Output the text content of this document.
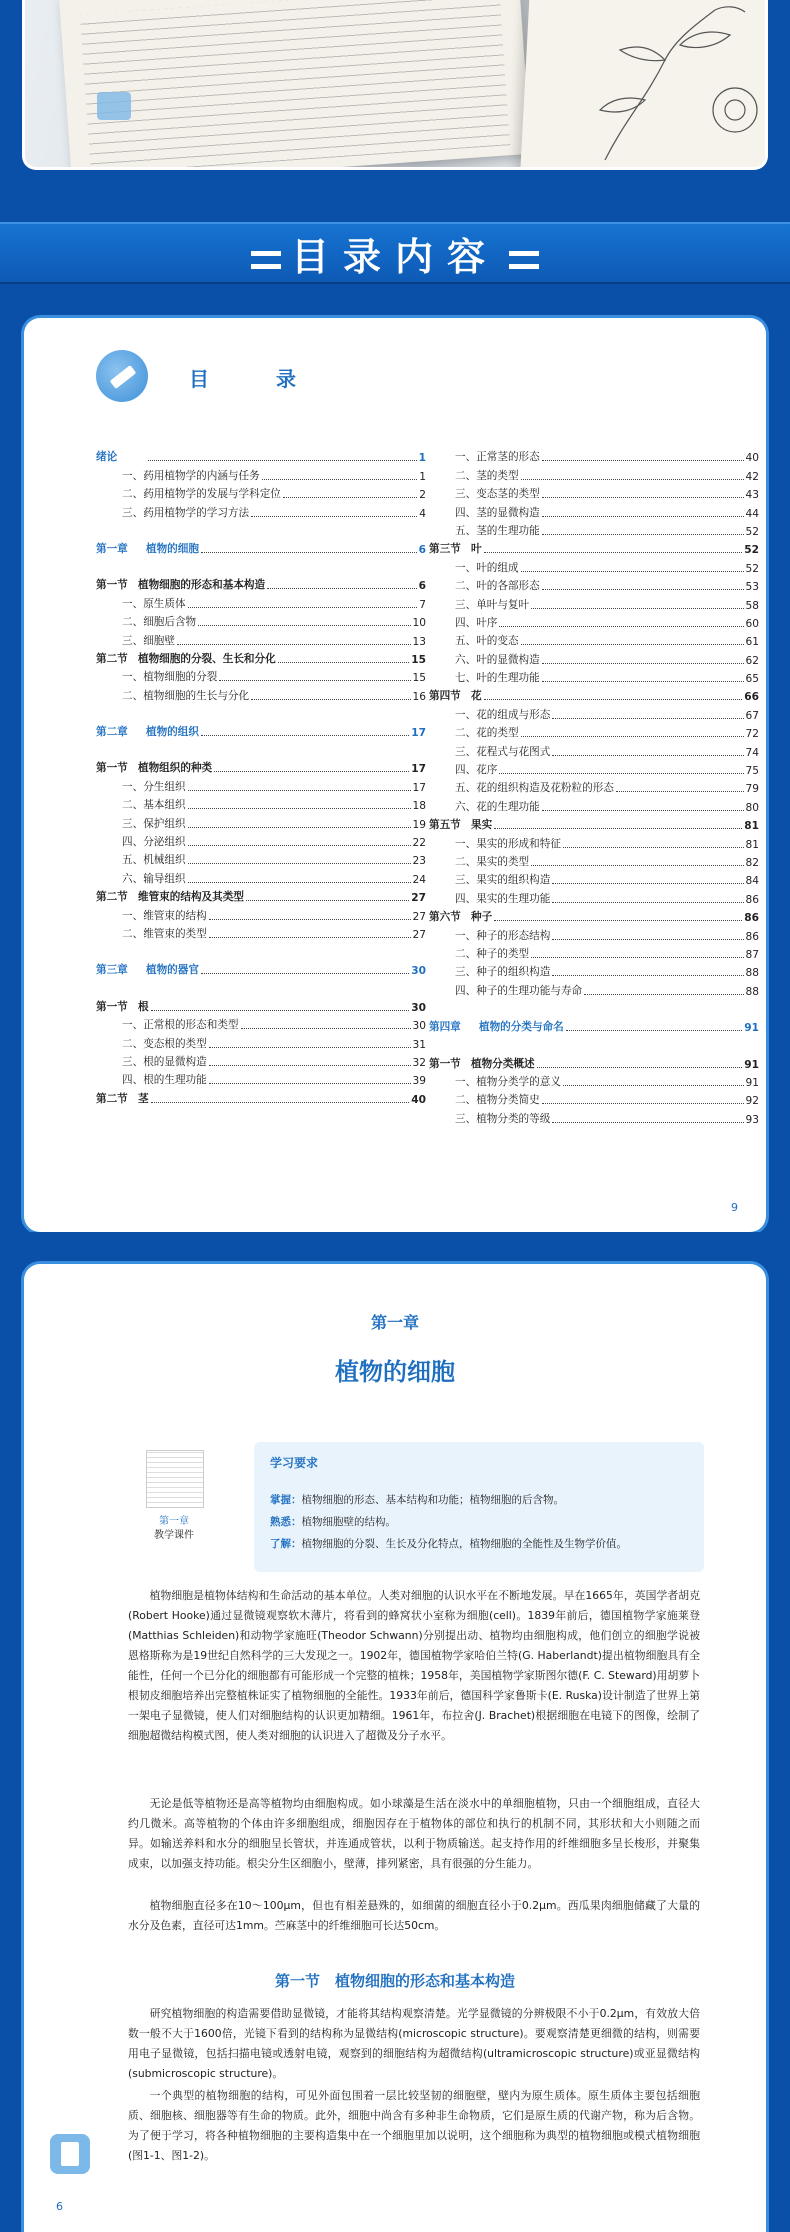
目录内容
目 录
绪论	1
一、药用植物学的内涵与任务	1
二、药用植物学的发展与学科定位	2
三、药用植物学的学习方法	4
第一章 植物的细胞	6
第一节 植物细胞的形态和基本构造	6
一、原生质体	7
二、细胞后含物	10
三、细胞壁	13
第二节 植物细胞的分裂、生长和分化	15
一、植物细胞的分裂	15
二、植物细胞的生长与分化	16
第二章 植物的组织	17
第一节 植物组织的种类	17
一、分生组织	17
二、基本组织	18
三、保护组织	19
四、分泌组织	22
五、机械组织	23
六、输导组织	24
第二节 维管束的结构及其类型	27
一、维管束的结构	27
二、维管束的类型	27
第三章 植物的器官	30
第一节 根	30
一、正常根的形态和类型	30
二、变态根的类型	31
三、根的显微构造	32
四、根的生理功能	39
第二节 茎	40
一、正常茎的形态	40
二、茎的类型	42
三、变态茎的类型	43
四、茎的显微构造	44
五、茎的生理功能	52
第三节 叶	52
一、叶的组成	52
二、叶的各部形态	53
三、单叶与复叶	58
四、叶序	60
五、叶的变态	61
六、叶的显微构造	62
七、叶的生理功能	65
第四节 花	66
一、花的组成与形态	67
二、花的类型	72
三、花程式与花图式	74
四、花序	75
五、花的组织构造及花粉粒的形态	79
六、花的生理功能	80
第五节 果实	81
一、果实的形成和特征	81
二、果实的类型	82
三、果实的组织构造	84
四、果实的生理功能	86
第六节 种子	86
一、种子的形态结构	86
二、种子的类型	87
三、种子的组织构造	88
四、种子的生理功能与寿命	88
第四章 植物的分类与命名	91
第一节 植物分类概述	91
一、植物分类学的意义	91
二、植物分类简史	92
三、植物分类的等级	93
9
第一章
植物的细胞
第一章
教学课件
学习要求
掌握：植物细胞的形态、基本结构和功能；植物细胞的后含物。
熟悉：植物细胞壁的结构。
了解：植物细胞的分裂、生长及分化特点，植物细胞的全能性及生物学价值。

植物细胞是植物体结构和生命活动的基本单位。人类对细胞的认识水平在不断地发展。早在1665年，英国学者胡克(Robert Hooke)通过显微镜观察软木薄片，将看到的蜂窝状小室称为细胞(cell)。1839年前后，德国植物学家施莱登(Matthias Schleiden)和动物学家施旺(Theodor Schwann)分别提出动、植物均由细胞构成，他们创立的细胞学说被恩格斯称为是19世纪自然科学的三大发现之一。1902年，德国植物学家哈伯兰特(G. Haberlandt)提出植物细胞具有全能性，任何一个已分化的细胞都有可能形成一个完整的植株；1958年，美国植物学家斯图尔德(F. C. Steward)用胡萝卜根韧皮细胞培养出完整植株证实了植物细胞的全能性。1933年前后，德国科学家鲁斯卡(E. Ruska)设计制造了世界上第一架电子显微镜，使人们对细胞结构的认识更加精细。1961年，布拉舍(J. Brachet)根据细胞在电镜下的图像，绘制了细胞超微结构模式图，使人类对细胞的认识进入了超微及分子水平。

无论是低等植物还是高等植物均由细胞构成。如小球藻是生活在淡水中的单细胞植物，只由一个细胞组成，直径大约几微米。高等植物的个体由许多细胞组成，细胞因存在于植物体的部位和执行的机制不同，其形状和大小则随之而异。如输送养料和水分的细胞呈长管状，并连通成管状，以利于物质输送。起支持作用的纤维细胞多呈长梭形，并聚集成束，以加强支持功能。根尖分生区细胞小，壁薄，排列紧密，具有很强的分生能力。

植物细胞直径多在10～100μm，但也有相差悬殊的，如细菌的细胞直径小于0.2μm。西瓜果肉细胞储藏了大量的水分及色素，直径可达1mm。苎麻茎中的纤维细胞可长达50cm。

第一节　植物细胞的形态和基本构造

研究植物细胞的构造需要借助显微镜，才能将其结构观察清楚。光学显微镜的分辨极限不小于0.2μm，有效放大倍数一般不大于1600倍，光镜下看到的结构称为显微结构(microscopic structure)。要观察清楚更细微的结构，则需要用电子显微镜，包括扫描电镜或透射电镜，观察到的细胞结构为超微结构(ultramicroscopic structure)或亚显微结构(submicroscopic structure)。

一个典型的植物细胞的结构，可见外面包围着一层比较坚韧的细胞壁，壁内为原生质体。原生质体主要包括细胞质、细胞核、细胞器等有生命的物质。此外，细胞中尚含有多种非生命物质，它们是原生质的代谢产物，称为后含物。为了便于学习，将各种植物细胞的主要构造集中在一个细胞里加以说明，这个细胞称为典型的植物细胞或模式植物细胞(图1-1、图1-2)。

6
